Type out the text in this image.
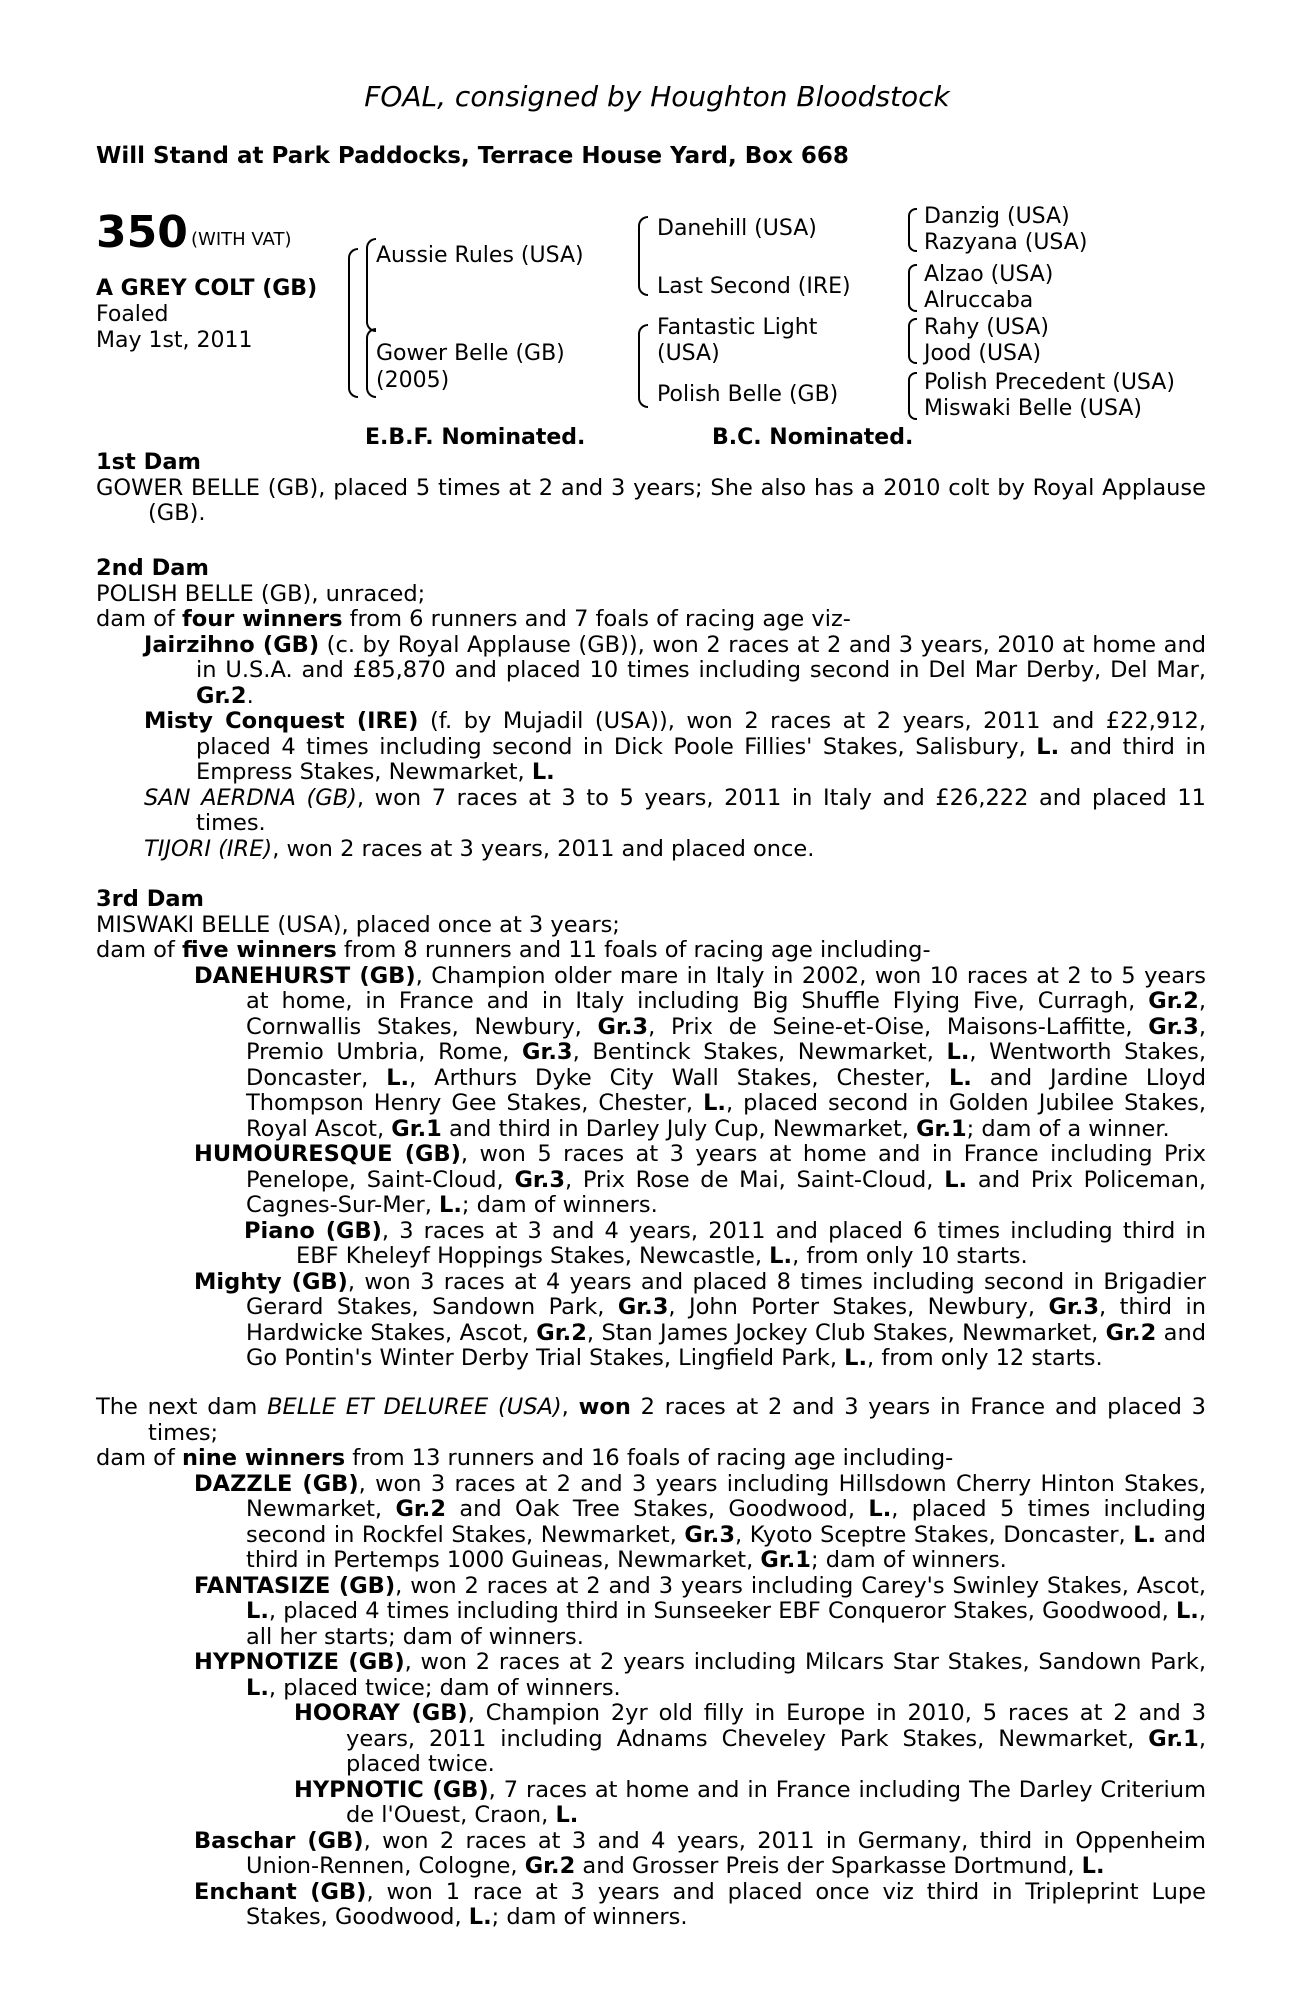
FOAL, consigned by Houghton Bloodstock
Will Stand at Park Paddocks, Terrace House Yard, Box 668
350 (WITH VAT)
A GREY COLT (GB)
Foaled
May 1st, 2011
Aussie Rules (USA)
Gower Belle (GB)
(2005)
Danehill (USA)
Last Second (IRE)
Fantastic Light
(USA)
Polish Belle (GB)
Danzig (USA)
Razyana (USA)
Alzao (USA)
Alruccaba
Rahy (USA)
Jood (USA)
Polish Precedent (USA)
Miswaki Belle (USA)
E.B.F. Nominated.	B.C. Nominated.

1st Dam

GOWER BELLE (GB), placed 5 times at 2 and 3 years; She also has a 2010 colt by Royal Applause (GB).

2nd Dam

POLISH BELLE (GB), unraced;

dam of four winners from 6 runners and 7 foals of racing age viz-

Jairzihno (GB) (c. by Royal Applause (GB)), won 2 races at 2 and 3 years, 2010 at home and in U.S.A. and £85,870 and placed 10 times including second in Del Mar Derby, Del Mar, Gr.2.

Misty Conquest (IRE) (f. by Mujadil (USA)), won 2 races at 2 years, 2011 and £22,912, placed 4 times including second in Dick Poole Fillies' Stakes, Salisbury, L. and third in Empress Stakes, Newmarket, L.

SAN AERDNA (GB), won 7 races at 3 to 5 years, 2011 in Italy and £26,222 and placed 11 times.

TIJORI (IRE), won 2 races at 3 years, 2011 and placed once.

3rd Dam

MISWAKI BELLE (USA), placed once at 3 years;

dam of five winners from 8 runners and 11 foals of racing age including-

DANEHURST (GB), Champion older mare in Italy in 2002, won 10 races at 2 to 5 years at home, in France and in Italy including Big Shuffle Flying Five, Curragh, Gr.2, Cornwallis Stakes, Newbury, Gr.3, Prix de Seine-et-Oise, Maisons-Laffitte, Gr.3, Premio Umbria, Rome, Gr.3, Bentinck Stakes, Newmarket, L., Wentworth Stakes, Doncaster, L., Arthurs Dyke City Wall Stakes, Chester, L. and Jardine Lloyd Thompson Henry Gee Stakes, Chester, L., placed second in Golden Jubilee Stakes, Royal Ascot, Gr.1 and third in Darley July Cup, Newmarket, Gr.1; dam of a winner.

HUMOURESQUE (GB), won 5 races at 3 years at home and in France including Prix Penelope, Saint-Cloud, Gr.3, Prix Rose de Mai, Saint-Cloud, L. and Prix Policeman, Cagnes-Sur-Mer, L.; dam of winners.

Piano (GB), 3 races at 3 and 4 years, 2011 and placed 6 times including third in EBF Kheleyf Hoppings Stakes, Newcastle, L., from only 10 starts.

Mighty (GB), won 3 races at 4 years and placed 8 times including second in Brigadier Gerard Stakes, Sandown Park, Gr.3, John Porter Stakes, Newbury, Gr.3, third in Hardwicke Stakes, Ascot, Gr.2, Stan James Jockey Club Stakes, Newmarket, Gr.2 and Go Pontin's Winter Derby Trial Stakes, Lingfield Park, L., from only 12 starts.

The next dam BELLE ET DELUREE (USA), won 2 races at 2 and 3 years in France and placed 3 times;

dam of nine winners from 13 runners and 16 foals of racing age including-

DAZZLE (GB), won 3 races at 2 and 3 years including Hillsdown Cherry Hinton Stakes, Newmarket, Gr.2 and Oak Tree Stakes, Goodwood, L., placed 5 times including second in Rockfel Stakes, Newmarket, Gr.3, Kyoto Sceptre Stakes, Doncaster, L. and third in Pertemps 1000 Guineas, Newmarket, Gr.1; dam of winners.

FANTASIZE (GB), won 2 races at 2 and 3 years including Carey's Swinley Stakes, Ascot, L., placed 4 times including third in Sunseeker EBF Conqueror Stakes, Goodwood, L., all her starts; dam of winners.

HYPNOTIZE (GB), won 2 races at 2 years including Milcars Star Stakes, Sandown Park, L., placed twice; dam of winners.

HOORAY (GB), Champion 2yr old filly in Europe in 2010, 5 races at 2 and 3 years, 2011 including Adnams Cheveley Park Stakes, Newmarket, Gr.1, placed twice.

HYPNOTIC (GB), 7 races at home and in France including The Darley Criterium de l'Ouest, Craon, L.

Baschar (GB), won 2 races at 3 and 4 years, 2011 in Germany, third in Oppenheim Union-Rennen, Cologne, Gr.2 and Grosser Preis der Sparkasse Dortmund, L.

Enchant (GB), won 1 race at 3 years and placed once viz third in Tripleprint Lupe Stakes, Goodwood, L.; dam of winners.
